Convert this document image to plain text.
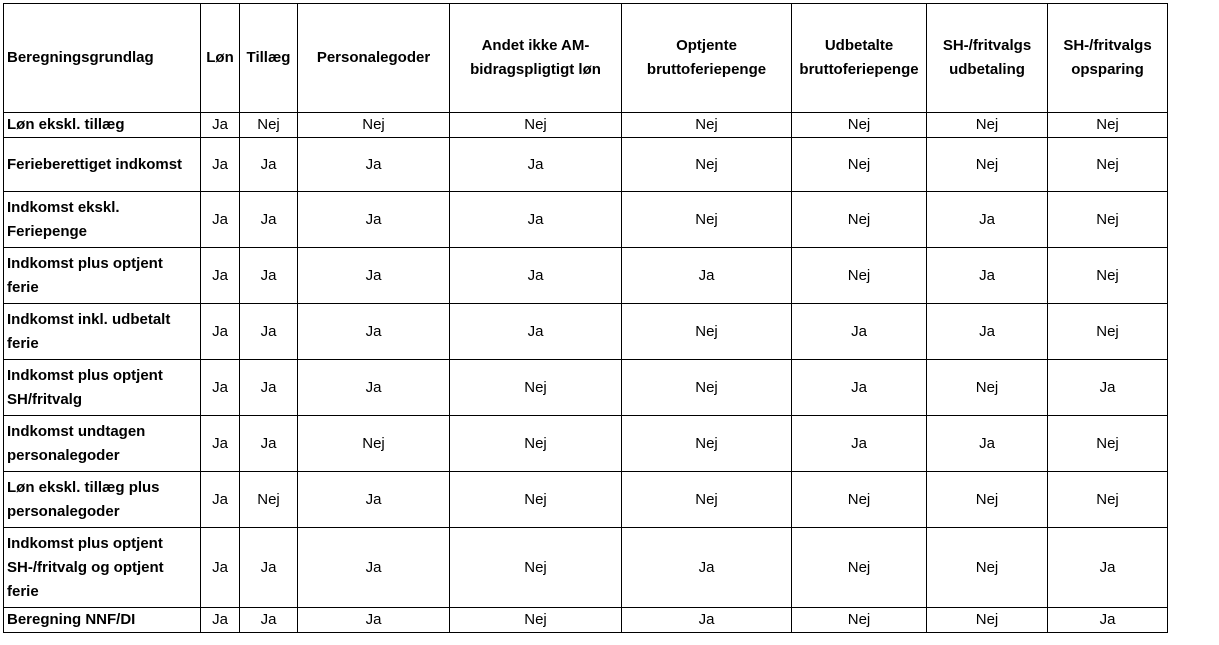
Beregningsgrundlag	Løn	Tillæg	Personalegoder	Andet ikke AM-bidragspligtigt løn	Optjente bruttoferiepenge	Udbetalte bruttoferiepenge	SH-/fritvalgs udbetaling	SH-/fritvalgs opsparing
Løn ekskl. tillæg	Ja	Nej	Nej	Nej	Nej	Nej	Nej	Nej
Ferieberettiget indkomst	Ja	Ja	Ja	Ja	Nej	Nej	Nej	Nej
Indkomst ekskl. Feriepenge	Ja	Ja	Ja	Ja	Nej	Nej	Ja	Nej
Indkomst plus optjent ferie	Ja	Ja	Ja	Ja	Ja	Nej	Ja	Nej
Indkomst inkl. udbetalt ferie	Ja	Ja	Ja	Ja	Nej	Ja	Ja	Nej
Indkomst plus optjent SH/fritvalg	Ja	Ja	Ja	Nej	Nej	Ja	Nej	Ja
Indkomst undtagen personalegoder	Ja	Ja	Nej	Nej	Nej	Ja	Ja	Nej
Løn ekskl. tillæg plus personalegoder	Ja	Nej	Ja	Nej	Nej	Nej	Nej	Nej
Indkomst plus optjent SH-/fritvalg og optjent ferie	Ja	Ja	Ja	Nej	Ja	Nej	Nej	Ja
Beregning NNF/DI	Ja	Ja	Ja	Nej	Ja	Nej	Nej	Ja
